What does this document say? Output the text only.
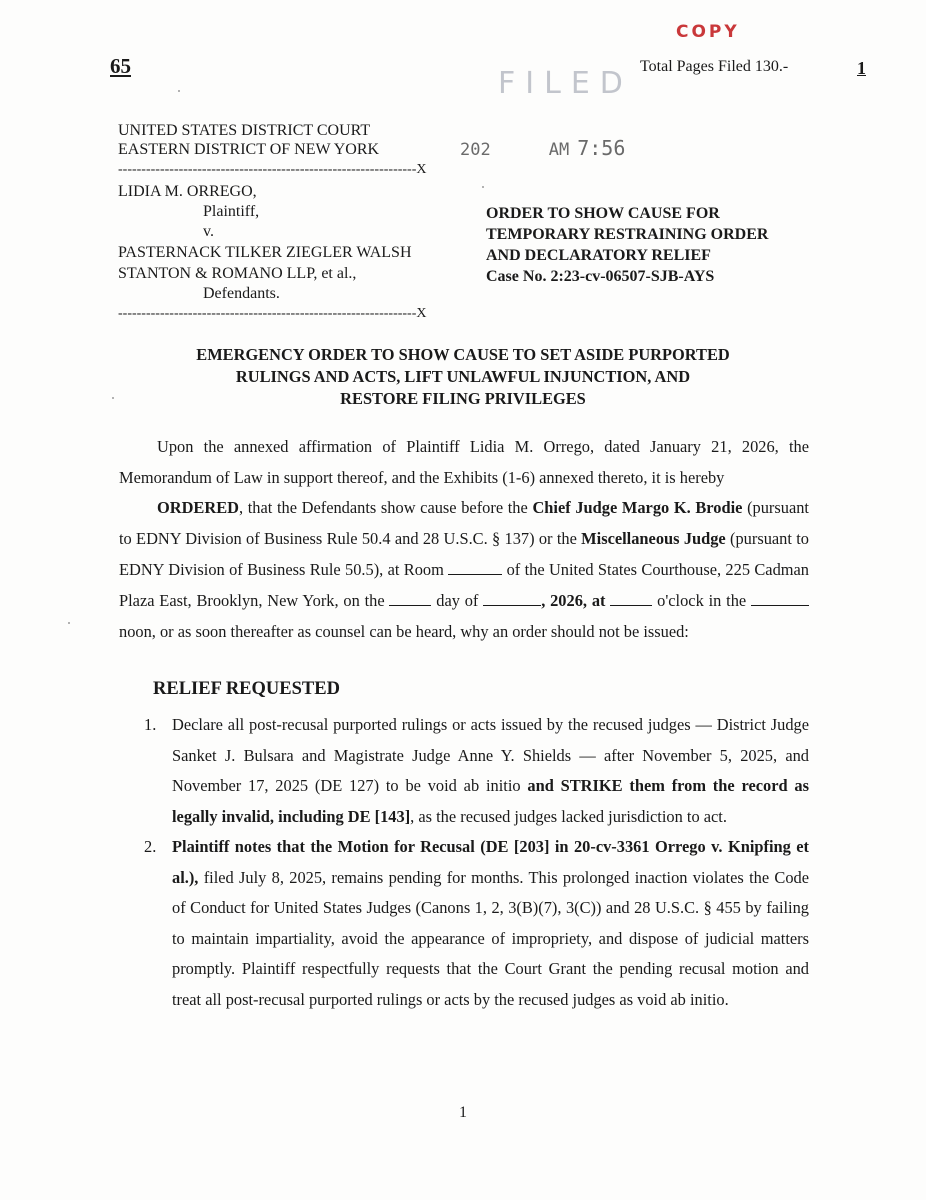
COPY
65	Total Pages Filed 130.-	1
FILED
202	AM 7:56
UNITED STATES DISTRICT COURT
EASTERN DISTRICT OF NEW YORK
----------------------------------------------------------------X
LIDIA M. ORREGO,
Plaintiff,
v.
PASTERNACK TILKER ZIEGLER WALSH
STANTON & ROMANO LLP, et al.,
Defendants.
----------------------------------------------------------------X
ORDER TO SHOW CAUSE FOR
TEMPORARY RESTRAINING ORDER
AND DECLARATORY RELIEF
Case No. 2:23-cv-06507-SJB-AYS
EMERGENCY ORDER TO SHOW CAUSE TO SET ASIDE PURPORTED
RULINGS AND ACTS, LIFT UNLAWFUL INJUNCTION, AND
RESTORE FILING PRIVILEGES
Upon the annexed affirmation of Plaintiff Lidia M. Orrego, dated January 21, 2026, the Memorandum of Law in support thereof, and the Exhibits (1-6) annexed thereto, it is hereby
ORDERED, that the Defendants show cause before the Chief Judge Margo K. Brodie (pursuant to EDNY Division of Business Rule 50.4 and 28 U.S.C. § 137) or the Miscellaneous Judge (pursuant to EDNY Division of Business Rule 50.5), at Room	of the United States Courthouse, 225 Cadman Plaza East, Brooklyn, New York, on the	day of	, 2026, at	o'clock in the  noon, or as soon thereafter as counsel can be heard, why an order should not be issued:
RELIEF REQUESTED
1. Declare all post-recusal purported rulings or acts issued by the recused judges — District Judge Sanket J. Bulsara and Magistrate Judge Anne Y. Shields — after November 5, 2025, and November 17, 2025 (DE 127) to be void ab initio and STRIKE them from the record as legally invalid, including DE [143], as the recused judges lacked jurisdiction to act.
2. Plaintiff notes that the Motion for Recusal (DE [203] in 20-cv-3361 Orrego v. Knipfing et al.), filed July 8, 2025, remains pending for months. This prolonged inaction violates the Code of Conduct for United States Judges (Canons 1, 2, 3(B)(7), 3(C)) and 28 U.S.C. § 455 by failing to maintain impartiality, avoid the appearance of impropriety, and dispose of judicial matters promptly. Plaintiff respectfully requests that the Court Grant the pending recusal motion and treat all post-recusal purported rulings or acts by the recused judges as void ab initio.
1
